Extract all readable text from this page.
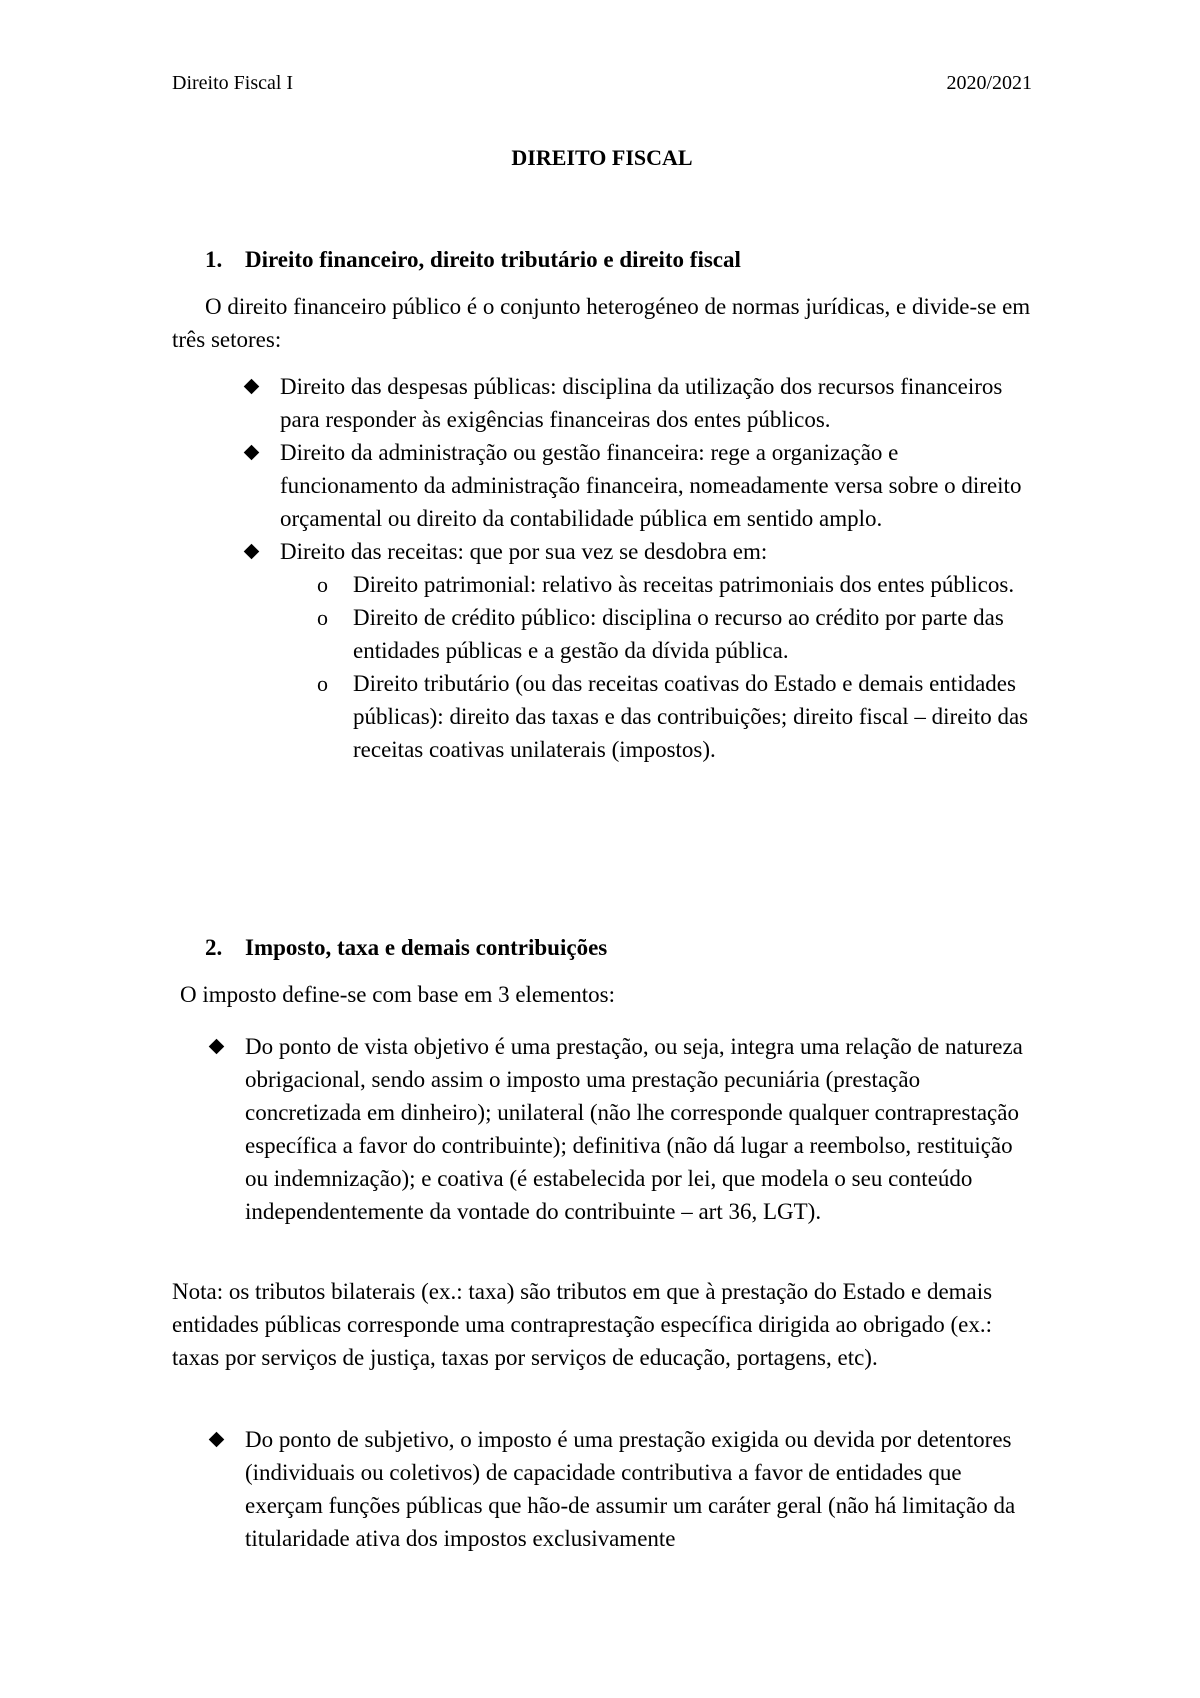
Direito Fiscal I	2020/2021
DIREITO FISCAL
1. Direito financeiro, direito tributário e direito fiscal
O direito financeiro público é o conjunto heterogéneo de normas jurídicas, e divide-se em três setores:
Direito das despesas públicas: disciplina da utilização dos recursos financeiros para responder às exigências financeiras dos entes públicos.
Direito da administração ou gestão financeira: rege a organização e funcionamento da administração financeira, nomeadamente versa sobre o direito orçamental ou direito da contabilidade pública em sentido amplo.
Direito das receitas: que por sua vez se desdobra em:
o Direito patrimonial: relativo às receitas patrimoniais dos entes públicos.
o Direito de crédito público: disciplina o recurso ao crédito por parte das entidades públicas e a gestão da dívida pública.
o Direito tributário (ou das receitas coativas do Estado e demais entidades públicas): direito das taxas e das contribuições; direito fiscal – direito das receitas coativas unilaterais (impostos).
2. Imposto, taxa e demais contribuições
O imposto define-se com base em 3 elementos:
Do ponto de vista objetivo é uma prestação, ou seja, integra uma relação de natureza obrigacional, sendo assim o imposto uma prestação pecuniária (prestação concretizada em dinheiro); unilateral (não lhe corresponde qualquer contraprestação específica a favor do contribuinte); definitiva (não dá lugar a reembolso, restituição ou indemnização); e coativa (é estabelecida por lei, que modela o seu conteúdo independentemente da vontade do contribuinte – art 36, LGT).
Nota: os tributos bilaterais (ex.: taxa) são tributos em que à prestação do Estado e demais entidades públicas corresponde uma contraprestação específica dirigida ao obrigado (ex.: taxas por serviços de justiça, taxas por serviços de educação, portagens, etc).
Do ponto de subjetivo, o imposto é uma prestação exigida ou devida por detentores (individuais ou coletivos) de capacidade contributiva a favor de entidades que exerçam funções públicas que hão-de assumir um caráter geral (não há limitação da titularidade ativa dos impostos exclusivamente
